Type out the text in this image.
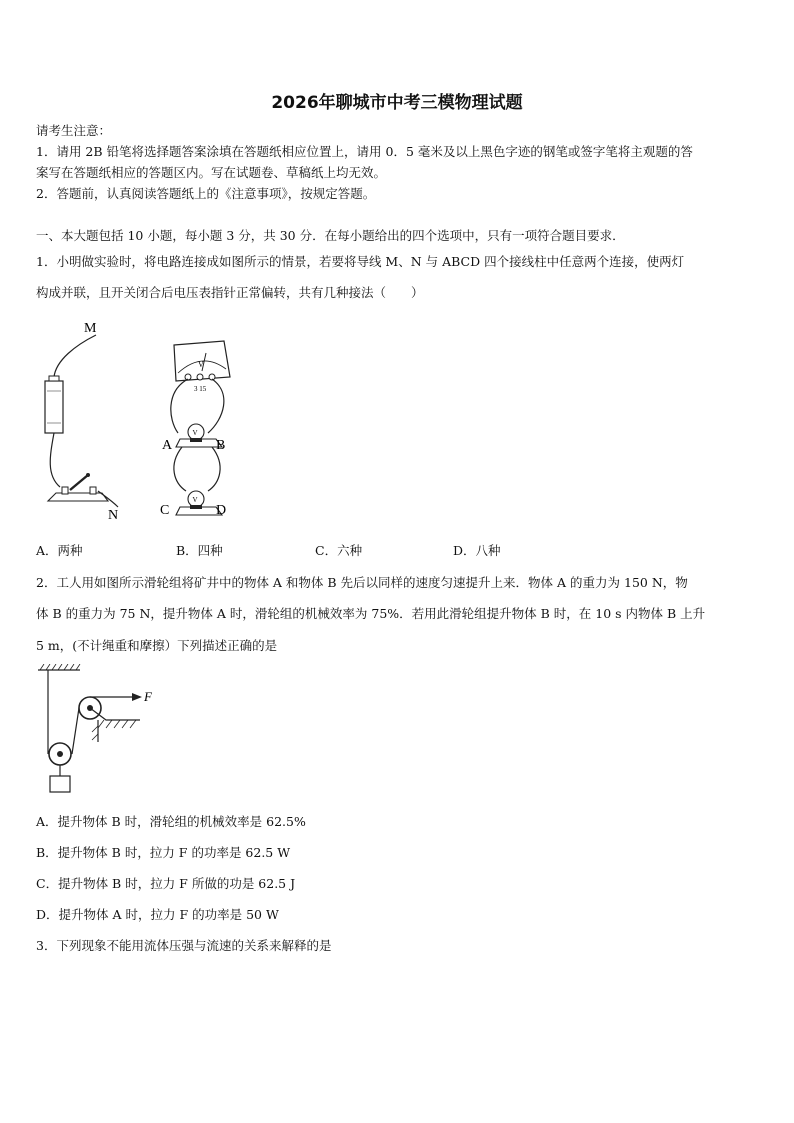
2026年聊城市中考三模物理试题
请考生注意：
1．请用 2B 铅笔将选择题答案涂填在答题纸相应位置上，请用 0．5 毫米及以上黑色字迹的钢笔或签字笔将主观题的答
案写在答题纸相应的答题区内。写在试题卷、草稿纸上均无效。
2．答题前，认真阅读答题纸上的《注意事项》，按规定答题。
一、本大题包括 10 小题，每小题 3 分，共 30 分．在每小题给出的四个选项中，只有一项符合题目要求．
1．小明做实验时，将电路连接成如图所示的情景，若要将导线 M、N 与 ABCD 四个接线柱中任意两个连接，使两灯
构成并联，且开关闭合后电压表指针正常偏转，共有几种接法（　　）
M
N
V
3 15
V
A	B
V
C	D
A．两种	B．四种	C．六种	D．八种
2．工人用如图所示滑轮组将矿井中的物体 A 和物体 B 先后以同样的速度匀速提升上来．物体 A 的重力为 150 N，物
体 B 的重力为 75 N，提升物体 A 时，滑轮组的机械效率为 75%．若用此滑轮组提升物体 B 时，在 10 s 内物体 B 上升
5 m，(不计绳重和摩擦）下列描述正确的是
F
A．提升物体 B 时，滑轮组的机械效率是 62.5%
B．提升物体 B 时，拉力 F 的功率是 62.5 W
C．提升物体 B 时，拉力 F 所做的功是 62.5 J
D．提升物体 A 时，拉力 F 的功率是 50 W
3．下列现象不能用流体压强与流速的关系来解释的是
